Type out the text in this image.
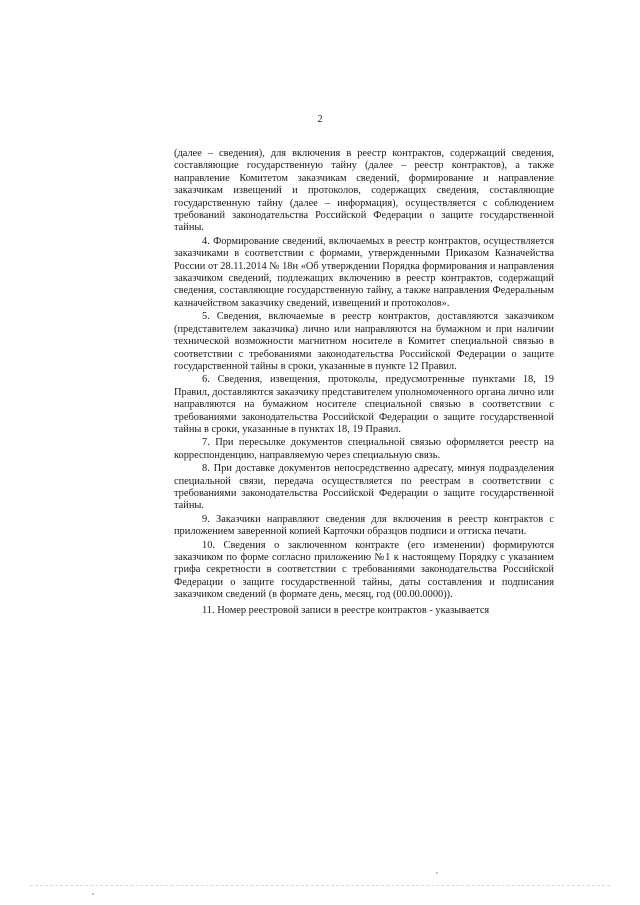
2

(далее – сведения), для включения в реестр контрактов, содержащий сведения, составляющие государственную тайну (далее – реестр контрактов), а также направление Комитетом заказчикам сведений, формирование и направление заказчикам извещений и протоколов, содержащих сведения, составляющие государственную тайну (далее – информация), осуществляется с соблюдением требований законодательства Российской Федерации о защите государственной тайны.

4. Формирование сведений, включаемых в реестр контрактов, осуществляется заказчиками в соответствии с формами, утвержденными Приказом Казначейства России от 28.11.2014 № 18н «Об утверждении Порядка формирования и направления заказчиком сведений, подлежащих включению в реестр контрактов, содержащий сведения, составляющие государственную тайну, а также направления Федеральным казначейством заказчику сведений, извещений и протоколов».

5. Сведения, включаемые в реестр контрактов, доставляются заказчиком (представителем заказчика) лично или направляются на бумажном и при наличии технической возможности магнитном носителе в Комитет специальной связью в соответствии с требованиями законодательства Российской Федерации о защите государственной тайны в сроки, указанные в пункте 12 Правил.

6. Сведения, извещения, протоколы, предусмотренные пунктами 18, 19 Правил, доставляются заказчику представителем уполномоченного органа лично или направляются на бумажном носителе специальной связью в соответствии с требованиями законодательства Российской Федерации о защите государственной тайны в сроки, указанные в пунктах 18, 19 Правил.

7. При пересылке документов специальной связью оформляется реестр на корреспонденцию, направляемую через специальную связь.

8. При доставке документов непосредственно адресату, минуя подразделения специальной связи, передача осуществляется по реестрам в соответствии с требованиями законодательства Российской Федерации о защите государственной тайны.

9. Заказчики направляют сведения для включения в реестр контрактов с приложением заверенной копией Карточки образцов подписи и оттиска печати.

10. Сведения о заключенном контракте (его изменении) формируются заказчиком по форме согласно приложению №1 к настоящему Порядку с указанием грифа секретности в соответствии с требованиями законодательства Российской Федерации о защите государственной тайны, даты составления и подписания заказчиком сведений (в формате день, месяц, год (00.00.0000)).

11. Номер реестровой записи в реестре контрактов - указывается
